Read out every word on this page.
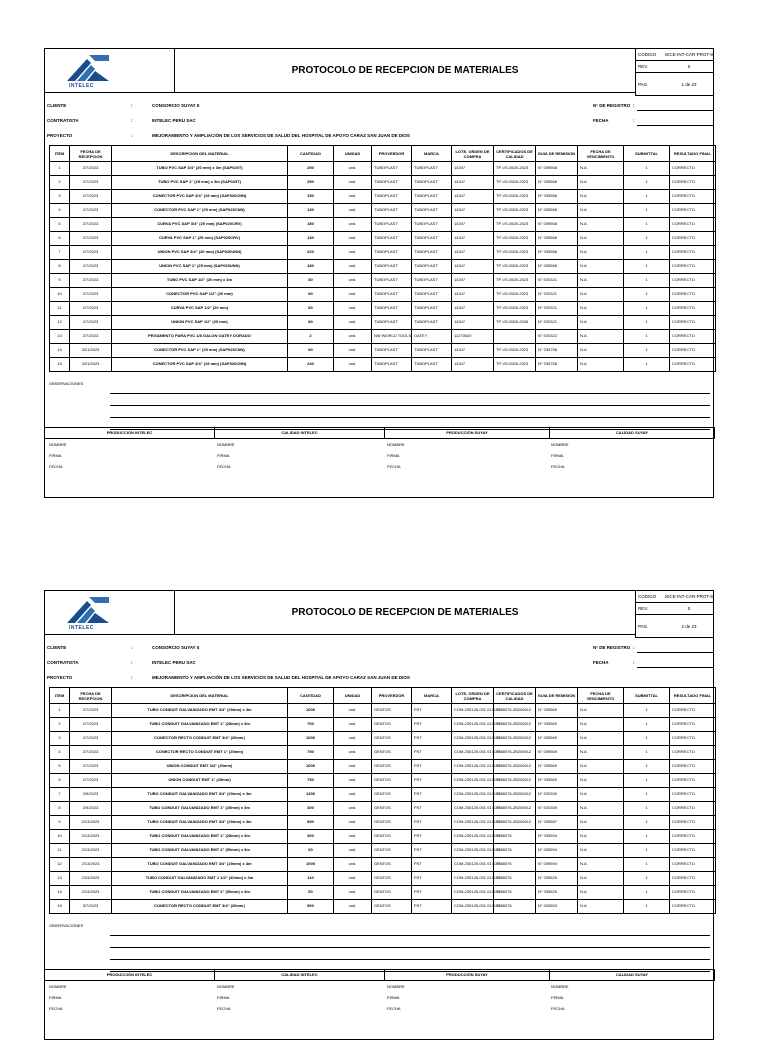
INTELEC
PROTOCOLO DE RECEPCION DE MATERIALES
CODIGO	IECE-INT-CAR-PROT-8
REV.	0
PAG.	1 de 23
CLIENTE	:	CONSORCIO SUYAY II	N° DE REGISTRO :
CONTRATISTA	:	INTELEC PERU SAC	FECHA	:
PROYECTO	:	MEJORAMIENTO Y AMPLIACIÓN DE LOS SERVICIOS DE SALUD DEL HOSPITAL DE APOYO CARAZ SAN JUAN DE DIOS
ITEM	FECHA DE RECEPCION	DESCRIPCION DEL MATERIAL	CANTIDAD	UNIDAD	PROVEEDOR	MARCA	LOTE, ORDEN DE COMPRA	CERTIFICADOS DE CALIDAD	GUIA DE REMISION	FECHA DE VENCIMIENTO	SUBMITTAL	RESULTADO FINAL
1	2/7/2023	TUBO PVC SAP 3/4" (20 mm) x 3m (SAP020T)	250	und.	TUBOPLAST	TUBOPLAST	14347	TP-VS-0526-2023	N° 039568	N.A	1	CORRECTO
2	2/7/2023	TUBO PVC SAP 1" (25 mm) x 3m (SAP025T)	250	und.	TUBOPLAST	TUBOPLAST	14347	TP-VS-0526-2023	N° 039568	N.A	1	CORRECTO
3	2/7/2023	CONECTOR PVC SAP 3/4" (19 mm) (SAP020CNN)	150	und.	TUBOPLAST	TUBOPLAST	14347	TP-VS-0526-2023	N° 039568	N.A	1	CORRECTO
4	2/7/2023	CONECTOR PVC SAP 1" (25 mm) (SAP025CNN)	130	und.	TUBOPLAST	TUBOPLAST	14347	TP-VS-0526-2023	N° 039568	N.A	1	CORRECTO
5	2/7/2023	CURVA PVC SAP 3/4" (20 mm) (SAP020CRV)	180	und.	TUBOPLAST	TUBOPLAST	14347	TP-VS-0526-2023	N° 039568	N.A	1	CORRECTO
6	2/7/2023	CURVA PVC SAP 1" (25 mm) (SAP025CRV)	130	und.	TUBOPLAST	TUBOPLAST	14347	TP-VS-0526-2023	N° 039568	N.A	1	CORRECTO
7	2/7/2023	UNION PVC SAP 3/4" (20 mm) (SAP020UNN)	220	und.	TUBOPLAST	TUBOPLAST	14347	TP-VS-0526-2023	N° 039568	N.A	1	CORRECTO
8	2/7/2023	UNION PVC SAP 1" (25 mm) (SAP025UNN)	180	und.	TUBOPLAST	TUBOPLAST	14347	TP-VS-0526-2023	N° 039568	N.A	1	CORRECTO
9	2/7/2023	TUBO PVC SAP 1/2" (20 mm) x 3m	80	und.	TUBOPLAST	TUBOPLAST	14347	TP-VS-0526-2023	N° 020321	N.A	1	CORRECTO
10	2/7/2023	CONECTOR PVC SAP 1/2" (20 mm)	80	und.	TUBOPLAST	TUBOPLAST	14347	TP-VS-0526-2023	N° 020321	N.A	1	CORRECTO
11	2/7/2023	CURVA PVC SAP 1/2" (20 mm)	80	und.	TUBOPLAST	TUBOPLAST	14347	TP-VS-0526-2023	N° 020321	N.A	1	CORRECTO
12	2/7/2023	UNION PVC SAP 1/2" (20 mm)	80	und.	TUBOPLAST	TUBOPLAST	14347	TP-VS-0526-2026	N° 020321	N.A	1	CORRECTO
13	2/7/2023	PEGAMENTO PARA PVC 1/8 GALON OATEY DORADO	2	und.	NW WORLD TOOLS	OATEY	11270620		N° 020322	N.A	1	CORRECTO
14	3/21/2023	CONECTOR PVC SAP 1" (25 mm) (SAP025CNN)	80	und.	TUBOPLAST	TUBOPLAST	14347	TP-VS-0526-2023	N° 039758	N.A	1	CORRECTO
15	3/21/2023	CONECTOR PVC SAP 3/4" (19 mm) (SAP020CNN)	240	und.	TUBOPLAST	TUBOPLAST	14347	TP-VS-0526-2023	N° 039758	N.A	1	CORRECTO
OBSERVACIONES
PRODUCCIÓN INTELEC	CALIDAD INTELEC	PRODUCCIÓN SUYAY	CALIDAD SUYAY
NOMBRE
FIRMA
FECHA
NOMBRE
FIRMA
FECHA
NOMBRE
FIRMA
FECHA
NOMBRE
FIRMA
FECHA
INTELEC
PROTOCOLO DE RECEPCION DE MATERIALES
CODIGO	IECE-INT-CAR-PROT-8
REV.	0
PAG.	2 de 23
CLIENTE	:	CONSORCIO SUYAY II	N° DE REGISTRO :
CONTRATISTA	:	INTELEC PERU SAC	FECHA	:
PROYECTO	:	MEJORAMIENTO Y AMPLIACIÓN DE LOS SERVICIOS DE SALUD DEL HOSPITAL DE APOYO CARAZ SAN JUAN DE DIOS
ITEM	FECHA DE RECEPCION	DESCRIPCION DEL MATERIAL	CANTIDAD	UNIDAD	PROVEEDOR	MARCA	LOTE, ORDEN DE COMPRA	CERTIFICADOS DE CALIDAD	GUIA DE REMISION	FECHA DE VENCIMIENTO	SUBMITTAL	RESULTADO FINAL
1	2/7/2023	TUBO CONDUIT GALVANIZADO EMT 3/4" (20mm) x 3m	1000	und.	GENTOS	PST	COM-230125-001 014179	0358076-2B200612	N° 039569	N.A	1	CORRECTO
2	2/7/2023	TUBO CONDUIT GALVANIZADO EMT 1" (25mm) x 3m	700	und.	GENTOS	PST	COM-230125-001 014179	0358076-2B200612	N° 039569	N.A	1	CORRECTO
3	2/7/2023	CONECTOR RECTO CONDUIT EMT 3/4" (20mm)	1000	und.	GENTOS	PST	COM-230125-001 014179	0358076-2B200612	N° 039569	N.A	1	CORRECTO
4	2/7/2023	CONECTOR RECTO CONDUIT EMT 1" (25mm)	750	und.	GENTOS	PST	COM-230125-001 014179	0358076-2B200612	N° 039569	N.A	1	CORRECTO
5	2/7/2023	UNION CONDUIT EMT 3/4" (20mm)	1000	und.	GENTOS	PST	COM-230125-001 014179	0358076-2B200612	N° 039569	N.A	1	CORRECTO
6	2/7/2023	UNION CONDUIT EMT 1" (25mm)	750	und.	GENTOS	PST	COM-230125-001 014179	0358076-2B200612	N° 039569	N.A	1	CORRECTO
7	2/9/2023	TUBO CONDUIT GALVANIZADO EMT 3/4" (20mm) x 3m	1200	und.	GENTOS	PST	COM-230125-001 014179	0358076-2B200612	N° 020359	N.A	1	CORRECTO
8	2/9/2023	TUBO CONDUIT GALVANIZADO EMT 1" (25mm) x 3m	300	und.	GENTOS	PST	COM-230125-001 014179	0358076-2B200612	N° 020359	N.A	1	CORRECTO
9	2/13/2023	TUBO CONDUIT GALVANIZADO EMT 3/4" (20mm) x 3m	890	und.	GENTOS	PST	COM-230125-001 014179	0358076-2B200612	N° 039587	N.A	1	CORRECTO
10	2/13/2023	TUBO CONDUIT GALVANIZADO EMT 1" (25mm) x 3m	300	und.	GENTOS	PST	COM-230125-001 014179	0358076	N° 039594	N.A	1	CORRECTO
11	2/13/2023	TUBO CONDUIT GALVANIZADO EMT 2" (50mm) x 3m	60	und.	GENTOS	PST	COM-230125-001 014179	0358076	N° 039594	N.A	1	CORRECTO
12	2/13/2023	TUBO CONDUIT GALVANIZADO EMT 3/4" (20mm) x 3m	1000	und.	GENTOS	PST	COM-230125-001 014179	0358076	N° 039594	N.A	1	CORRECTO
13	2/24/2023	TUBO CONDUIT GALVANIZADO EMT 1 1/2" (40mm) x 3m	110	und.	GENTOS	PST	COM-230125-001 014179	0358076	N° 039625	N.A	1	CORRECTO
14	2/24/2023	TUBO CONDUIT GALVANIZADO EMT 2" (50mm) x 3m	50	und.	GENTOS	PST	COM-230125-001 014179	0358076	N° 039625	N.A	1	CORRECTO
15	3/7/2023	CONECTOR RECTO CONDUIT EMT 3/4" (20mm)	500	und.	GENTOS	PST	COM-230125-001 014179	0358076	N° 020553	N.A	1	CORRECTO
OBSERVACIONES
PRODUCCIÓN INTELEC	CALIDAD INTELEC	PRODUCCIÓN SUYAY	CALIDAD SUYAY
NOMBRE
FIRMA
FECHA
NOMBRE
FIRMA
FECHA
NOMBRE
FIRMA
FECHA
NOMBRE
FIRMA
FECHA
